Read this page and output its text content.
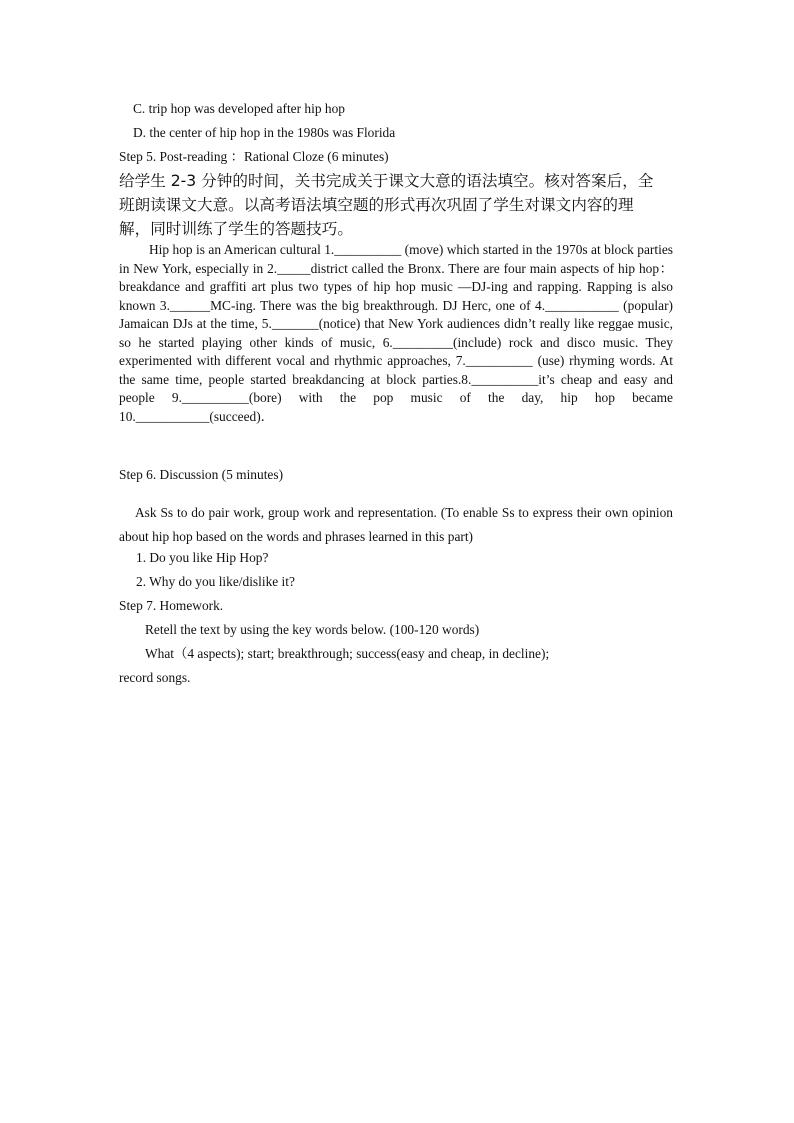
C. trip hop was developed after hip hop
D. the center of hip hop in the 1980s was Florida
Step 5. Post-reading ：Rational Cloze (6 minutes)
给学生 2-3 分钟的时间，关书完成关于课文大意的语法填空。核对答案后，全
班朗读课文大意。以高考语法填空题的形式再次巩固了学生对课文内容的理
解，同时训练了学生的答题技巧。

Hip hop is an American cultural 1.__________ (move) which started in the 1970s at block parties in New York, especially in 2._____district called the Bronx. There are four main aspects of hip hop：breakdance and graffiti art plus two types of hip hop music —DJ-ing and rapping. Rapping is also known 3.______MC-ing. There was the big breakthrough. DJ Herc, one of 4.___________ (popular) Jamaican DJs at the time, 5._______(notice) that New York audiences didn’t really like reggae music, so he started playing other kinds of music, 6._________(include) rock and disco music. They experimented with different vocal and rhythmic approaches, 7.__________ (use) rhyming words. At the same time, people started breakdancing at block parties.8.__________it’s cheap and easy and people 9.__________(bore) with the pop music of the day, hip hop became 10.___________(succeed)．

Step 6. Discussion (5 minutes)

Ask Ss to do pair work, group work and representation. (To enable Ss to express their own opinion about hip hop based on the words and phrases learned in this part)

1. Do you like Hip Hop?
2. Why do you like/dislike it?
Step 7. Homework.
Retell the text by using the key words below. (100-120 words)
What（4 aspects); start; breakthrough; success(easy and cheap, in decline);
record songs.
